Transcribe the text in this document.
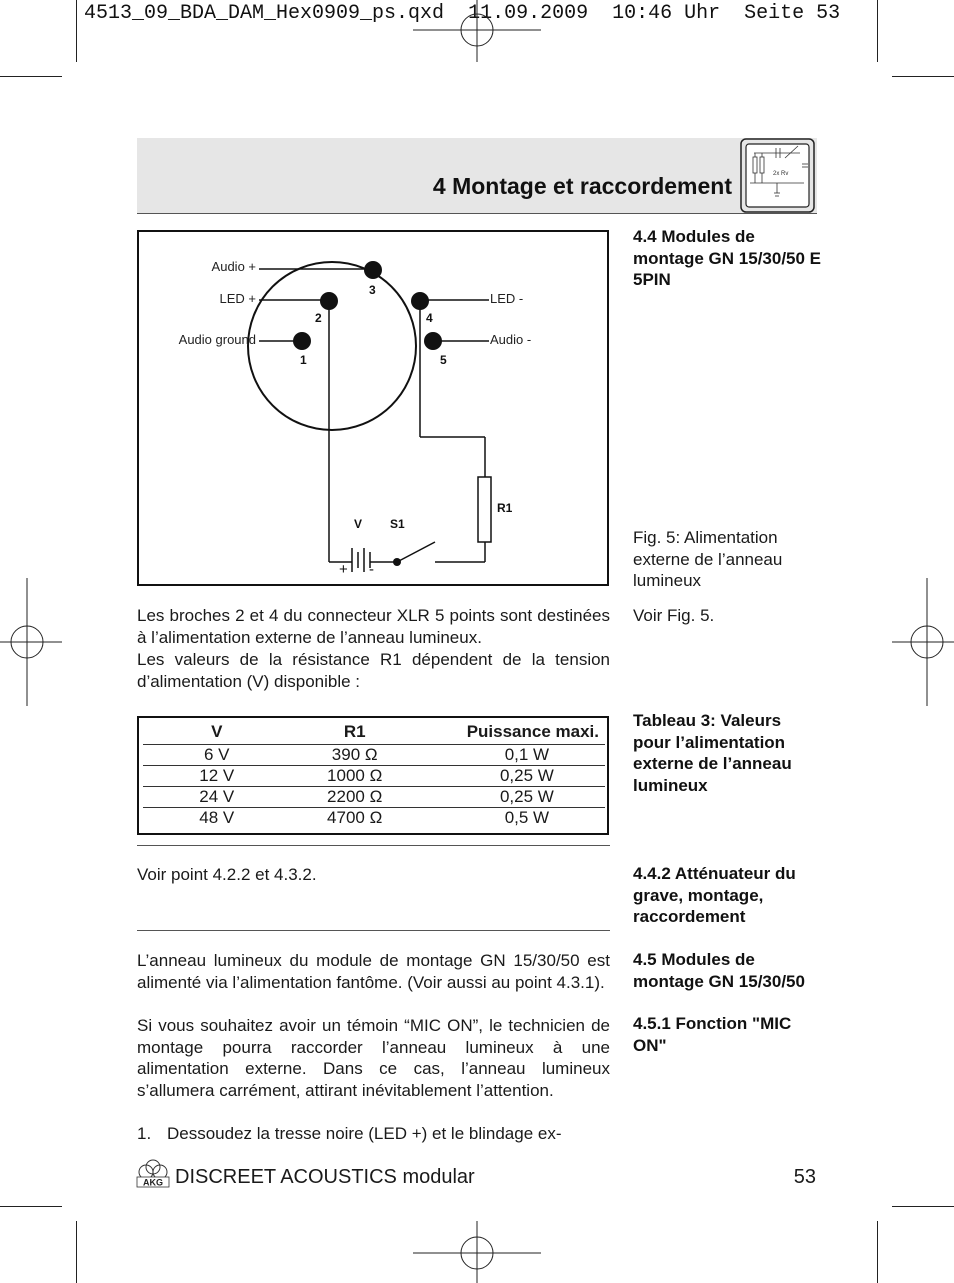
4513_09_BDA_DAM_Hex0909_ps.qxd  11.09.2009  10:46 Uhr  Seite 53
4 Montage et raccordement	2x Rv
Audio +
LED +
Audio ground
LED -
Audio -
3
2
1
4
5
R1
V S1
+ -
4.4 Modules de montage GN 15/30/50 E 5PIN
Fig. 5: Alimentation externe de l’anneau lumineux
Voir Fig. 5.
Tableau 3: Valeurs pour l’alimentation externe de l’anneau lumineux
4.4.2 Atténuateur du grave, montage, raccordement
4.5 Modules de montage GN 15/30/50
4.5.1 Fonction "MIC ON"
Les broches 2 et 4 du connecteur XLR 5 points sont destinées à l’alimentation externe de l’anneau lumineux.
Les valeurs de la résistance R1 dépendent de la tension d’alimentation (V) disponible :
V	R1	Puissance maxi.
6 V	390 Ω	0,1 W
12 V	1000 Ω	0,25 W
24 V	2200 Ω	0,25 W
48 V	4700 Ω	0,5 W
Voir point 4.2.2 et 4.3.2.
L’anneau lumineux du module de montage GN 15/30/50 est alimenté via l’alimentation fantôme. (Voir aussi au point 4.3.1).
Si vous souhaitez avoir un témoin “MIC ON”, le technicien de montage pourra raccorder l’anneau lumineux à une alimentation externe. Dans ce cas, l’anneau lumineux s’allumera carrément, attirant inévitablement l’attention.
1. Dessoudez la tresse noire (LED +) et le blindage ex-
AKG DISCREET ACOUSTICS modular	53
